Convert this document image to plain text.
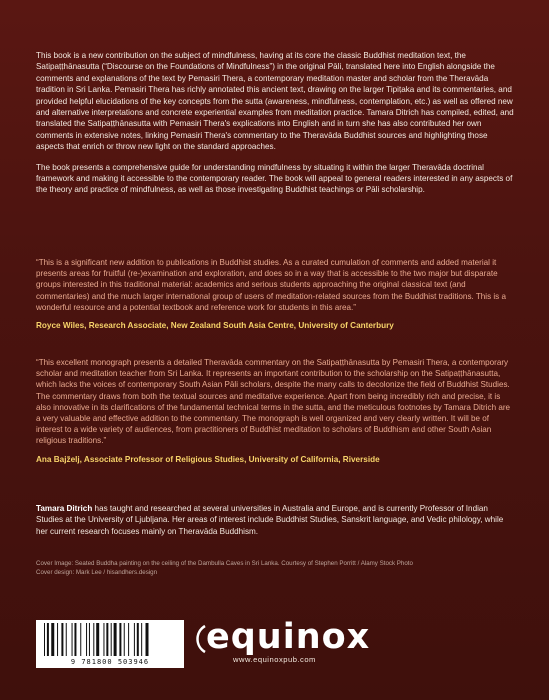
This book is a new contribution on the subject of mindfulness, having at its core the classic Buddhist meditation text, the Satipaṭṭhānasutta (“Discourse on the Foundations of Mindfulness”) in the original Pāli, translated here into English alongside the comments and explanations of the text by Pemasiri Thera, a contemporary meditation master and scholar from the Theravāda tradition in Sri Lanka. Pemasiri Thera has richly annotated this ancient text, drawing on the larger Tipiṭaka and its commentaries, and provided helpful elucidations of the key concepts from the sutta (awareness, mindfulness, contemplation, etc.) as well as offered new and alternative interpretations and concrete experiential examples from meditation practice. Tamara Ditrich has compiled, edited, and translated the Satipaṭṭhānasutta with Pemasiri Thera's explications into English and in turn she has also contributed her own comments in extensive notes, linking Pemasiri Thera's commentary to the Theravāda Buddhist sources and highlighting those aspects that enrich or throw new light on the standard approaches.

The book presents a comprehensive guide for understanding mindfulness by situating it within the larger Theravāda doctrinal framework and making it accessible to the contemporary reader. The book will appeal to general readers interested in any aspects of the theory and practice of mindfulness, as well as those investigating Buddhist teachings or Pāli scholarship.

“This is a significant new addition to publications in Buddhist studies. As a curated cumulation of comments and added material it presents areas for fruitful (re-)examination and exploration, and does so in a way that is accessible to the two major but disparate groups interested in this traditional material: academics and serious students approaching the original classical text (and commentaries) and the much larger international group of users of meditation-related sources from the Buddhist traditions. This is a wonderful resource and a potential textbook and reference work for students in this area.”

Royce Wiles, Research Associate, New Zealand South Asia Centre, University of Canterbury

“This excellent monograph presents a detailed Theravāda commentary on the Satipaṭṭhānasutta by Pemasiri Thera, a contemporary scholar and meditation teacher from Sri Lanka. It represents an important contribution to the scholarship on the Satipaṭṭhānasutta, which lacks the voices of contemporary South Asian Pāli scholars, despite the many calls to decolonize the field of Buddhist Studies. The commentary draws from both the textual sources and meditative experience. Apart from being incredibly rich and precise, it is also innovative in its clarifications of the fundamental technical terms in the sutta, and the meticulous footnotes by Tamara Ditrich are a very valuable and effective addition to the commentary. The monograph is well organized and very clearly written. It will be of interest to a wide variety of audiences, from practitioners of Buddhist meditation to scholars of Buddhism and other South Asian religious traditions.”

Ana Bajželj, Associate Professor of Religious Studies, University of California, Riverside
Tamara Ditrich has taught and researched at several universities in Australia and Europe, and is currently Professor of Indian Studies at the University of Ljubljana. Her areas of interest include Buddhist Studies, Sanskrit language, and Vedic philology, while her current research focuses mainly on Theravāda Buddhism.

Cover Image: Seated Buddha painting on the ceiling of the Dambulla Caves in Sri Lanka. Courtesy of Stephen Porritt / Alamy Stock Photo

Cover design: Mark Lee / hisandhers.design

9 781800 503946
equinox
www.equinoxpub.com
